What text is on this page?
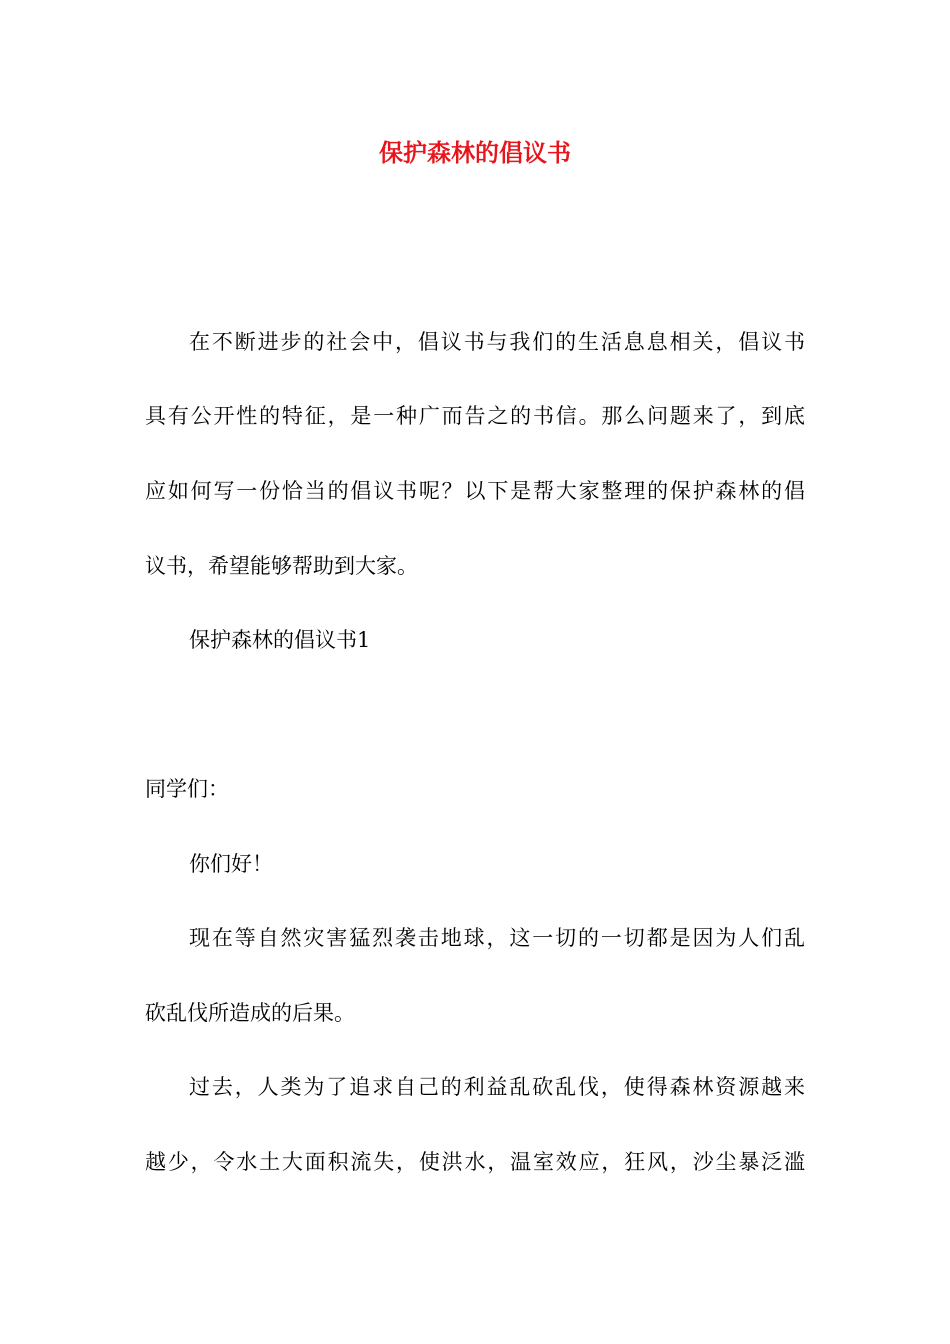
保护森林的倡议书

在不断进步的社会中，倡议书与我们的生活息息相关，倡议书

具有公开性的特征，是一种广而告之的书信。那么问题来了，到底

应如何写一份恰当的倡议书呢？以下是帮大家整理的保护森林的倡

议书，希望能够帮助到大家。

保护森林的倡议书1

同学们：

你们好！

现在等自然灾害猛烈袭击地球，这一切的一切都是因为人们乱

砍乱伐所造成的后果。

过去，人类为了追求自己的利益乱砍乱伐，使得森林资源越来

越少，令水土大面积流失，使洪水，温室效应，狂风，沙尘暴泛滥
